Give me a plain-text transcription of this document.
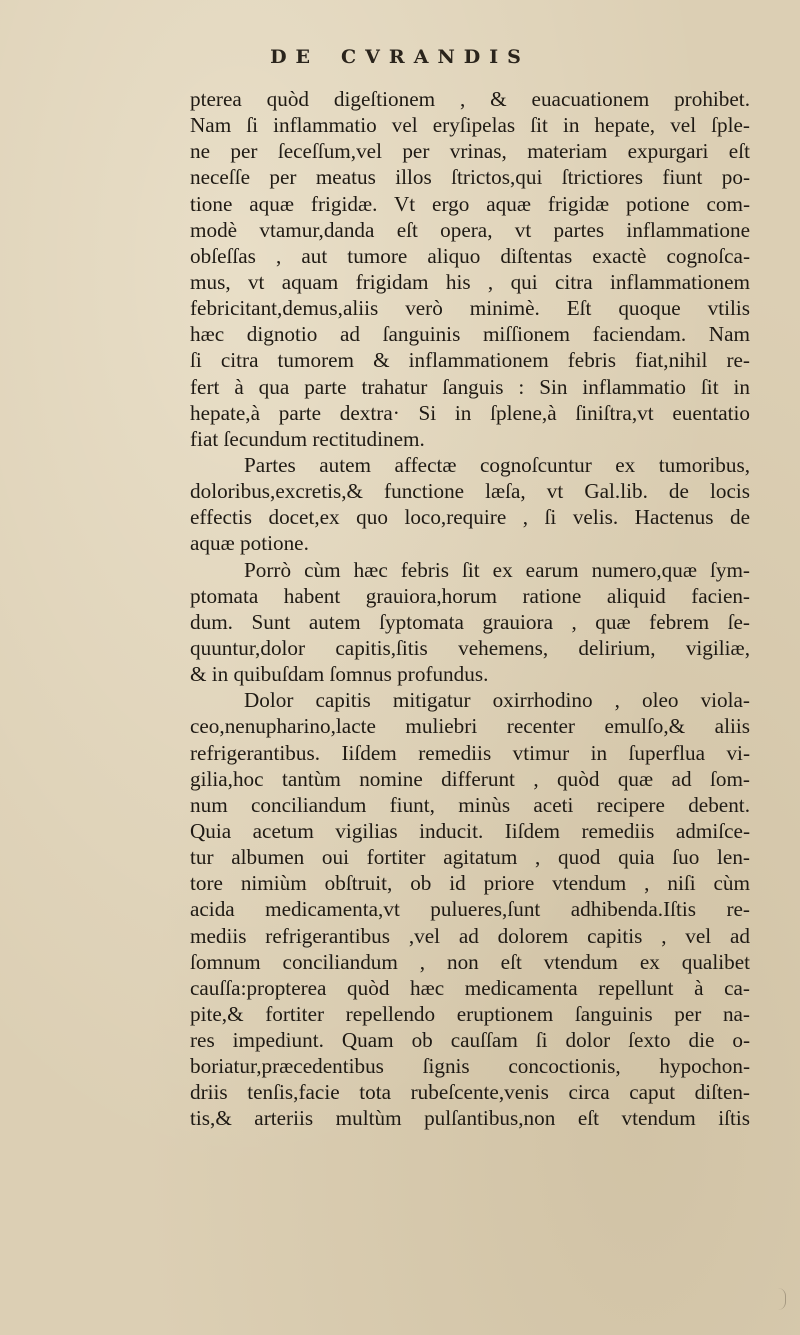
DE CVRANDIS
pterea quòd digeſtionem , & euacuationem prohibet.
Nam ſi inflammatio vel eryſipelas ſit in hepate, vel ſple-
ne per ſeceſſum,vel per vrinas, materiam expurgari eſt
neceſſe per meatus illos ſtrictos,qui ſtrictiores fiunt po-
tione aquæ frigidæ. Vt ergo aquæ frigidæ potione com-
modè vtamur,danda eſt opera, vt partes inflammatione
obſeſſas , aut tumore aliquo diſtentas exactè cognoſca-
mus, vt aquam frigidam his , qui citra inflammationem
febricitant,demus,aliis verò minimè. Eſt quoque vtilis
hæc dignotio ad ſanguinis miſſionem faciendam. Nam
ſi citra tumorem & inflammationem febris fiat,nihil re-
fert à qua parte trahatur ſanguis : Sin inflammatio ſit in
hepate,à parte dextra· Si in ſplene,à ſiniſtra,vt euentatio
fiat ſecundum rectitudinem.
Partes autem affectæ cognoſcuntur ex tumoribus,
doloribus,excretis,& functione læſa, vt Gal.lib. de locis
effectis docet,ex quo loco,require , ſi velis. Hactenus de
aquæ potione.
Porrò cùm hæc febris ſit ex earum numero,quæ ſym-
ptomata habent grauiora,horum ratione aliquid facien-
dum. Sunt autem ſyptomata grauiora , quæ febrem ſe-
quuntur,dolor capitis,ſitis vehemens, delirium, vigiliæ,
& in quibuſdam ſomnus profundus.
Dolor capitis mitigatur oxirrhodino , oleo viola-
ceo,nenupharino,lacte muliebri recenter emulſo,& aliis
refrigerantibus. Iiſdem remediis vtimur in ſuperflua vi-
gilia,hoc tantùm nomine differunt , quòd quæ ad ſom-
num conciliandum fiunt, minùs aceti recipere debent.
Quia acetum vigilias inducit. Iiſdem remediis admiſce-
tur albumen oui fortiter agitatum , quod quia ſuo len-
tore nimiùm obſtruit, ob id priore vtendum , niſi cùm
acida medicamenta,vt pulueres,ſunt adhibenda.Iſtis re-
mediis refrigerantibus ,vel ad dolorem capitis , vel ad
ſomnum conciliandum , non eſt vtendum ex qualibet
cauſſa:propterea quòd hæc medicamenta repellunt à ca-
pite,& fortiter repellendo eruptionem ſanguinis per na-
res impediunt. Quam ob cauſſam ſi dolor ſexto die o-
boriatur,præcedentibus ſignis concoctionis, hypochon-
driis tenſis,facie tota rubeſcente,venis circa caput diſten-
tis,& arteriis multùm pulſantibus,non eſt vtendum iſtis
